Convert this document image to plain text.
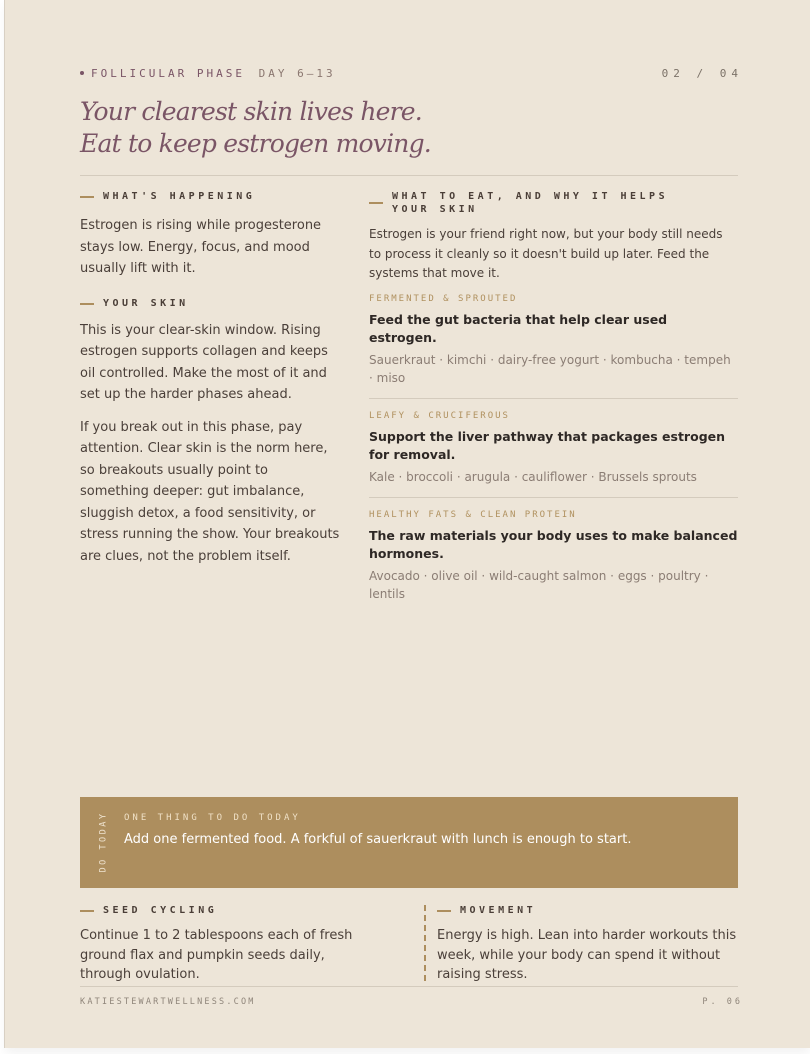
FOLLICULAR PHASE DAY 6–13	02 / 04
Your clearest skin lives here. Eat to keep estrogen moving.
WHAT'S HAPPENING

Estrogen is rising while progesterone stays low. Energy, focus, and mood usually lift with it.

YOUR SKIN

This is your clear-skin window. Rising estrogen supports collagen and keeps oil controlled. Make the most of it and set up the harder phases ahead.

If you break out in this phase, pay attention. Clear skin is the norm here, so breakouts usually point to something deeper: gut imbalance, sluggish detox, a food sensitivity, or stress running the show. Your breakouts are clues, not the problem itself.

WHAT TO EAT, AND WHY IT HELPS YOUR SKIN

Estrogen is your friend right now, but your body still needs to process it cleanly so it doesn't build up later. Feed the systems that move it.

FERMENTED & SPROUTED
Feed the gut bacteria that help clear used estrogen.
Sauerkraut · kimchi · dairy-free yogurt · kombucha · tempeh · miso
LEAFY & CRUCIFEROUS
Support the liver pathway that packages estrogen for removal.
Kale · broccoli · arugula · cauliflower · Brussels sprouts
HEALTHY FATS & CLEAN PROTEIN
The raw materials your body uses to make balanced hormones.
Avocado · olive oil · wild-caught salmon · eggs · poultry · lentils
DO TODAY ONE THING TO DO TODAY
Add one fermented food. A forkful of sauerkraut with lunch is enough to start.
SEED CYCLING

Continue 1 to 2 tablespoons each of fresh ground flax and pumpkin seeds daily, through ovulation.

MOVEMENT

Energy is high. Lean into harder workouts this week, while your body can spend it without raising stress.

KATIESTEWARTWELLNESS.COM	P. 06
